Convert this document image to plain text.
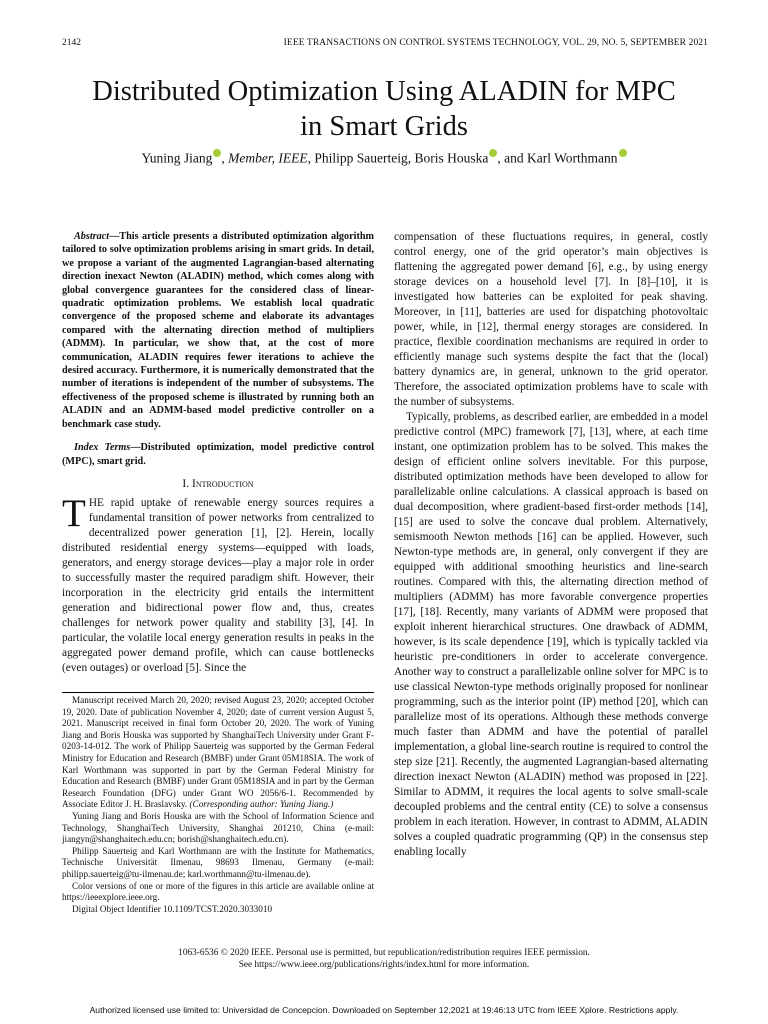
2142	IEEE TRANSACTIONS ON CONTROL SYSTEMS TECHNOLOGY, VOL. 29, NO. 5, SEPTEMBER 2021
Distributed Optimization Using ALADIN for MPC
in Smart Grids
Yuning Jiang , Member, IEEE, Philipp Sauerteig, Boris Houska , and Karl Worthmann

Abstract—This article presents a distributed optimization algorithm tailored to solve optimization problems arising in smart grids. In detail, we propose a variant of the augmented Lagrangian-based alternating direction inexact Newton (ALADIN) method, which comes along with global convergence guarantees for the considered class of linear-quadratic optimization problems. We establish local quadratic convergence of the proposed scheme and elaborate its advantages compared with the alternating direction method of multipliers (ADMM). In particular, we show that, at the cost of more communication, ALADIN requires fewer iterations to achieve the desired accuracy. Furthermore, it is numerically demonstrated that the number of iterations is independent of the number of subsystems. The effectiveness of the proposed scheme is illustrated by running both an ALADIN and an ADMM-based model predictive controller on a benchmark case study.

Index Terms—Distributed optimization, model predictive control (MPC), smart grid.

I. Introduction

THE rapid uptake of renewable energy sources requires a fundamental transition of power networks from centralized to decentralized power generation [1], [2]. Herein, locally distributed residential energy systems—equipped with loads, generators, and energy storage devices—play a major role in order to successfully master the required paradigm shift. However, their incorporation in the electricity grid entails the intermittent generation and bidirectional power flow and, thus, creates challenges for network power quality and stability [3], [4]. In particular, the volatile local energy generation results in peaks in the aggregated power demand profile, which can cause bottlenecks (even outages) or overload [5]. Since the

Manuscript received March 20, 2020; revised August 23, 2020; accepted October 19, 2020. Date of publication November 4, 2020; date of current version August 5, 2021. Manuscript received in final form October 20, 2020. The work of Yuning Jiang and Boris Houska was supported by ShanghaiTech University under Grant F-0203-14-012. The work of Philipp Sauerteig was supported by the German Federal Ministry for Education and Research (BMBF) under Grant 05M18SIA. The work of Karl Worthmann was supported in part by the German Federal Ministry for Education and Research (BMBF) under Grant 05M18SIA and in part by the German Research Foundation (DFG) under Grant WO 2056/6-1. Recommended by Associate Editor J. H. Braslavsky. (Corresponding author: Yuning Jiang.)

Yuning Jiang and Boris Houska are with the School of Information Science and Technology, ShanghaiTech University, Shanghai 201210, China (e-mail: jiangyn@shanghaitech.edu.cn; borish@shanghaitech.edu.cn).

Philipp Sauerteig and Karl Worthmann are with the Institute for Mathematics, Technische Universität Ilmenau, 98693 Ilmenau, Germany (e-mail: philipp.sauerteig@tu-ilmenau.de; karl.worthmann@tu-ilmenau.de).

Color versions of one or more of the figures in this article are available online at https://ieeexplore.ieee.org.

Digital Object Identifier 10.1109/TCST.2020.3033010

compensation of these fluctuations requires, in general, costly control energy, one of the grid operator’s main objectives is flattening the aggregated power demand [6], e.g., by using energy storage devices on a household level [7]. In [8]–[10], it is investigated how batteries can be exploited for peak shaving. Moreover, in [11], batteries are used for dispatching photovoltaic power, while, in [12], thermal energy storages are considered. In practice, flexible coordination mechanisms are required in order to efficiently manage such systems despite the fact that the (local) battery dynamics are, in general, unknown to the grid operator. Therefore, the associated optimization problems have to scale with the number of subsystems.

Typically, problems, as described earlier, are embedded in a model predictive control (MPC) framework [7], [13], where, at each time instant, one optimization problem has to be solved. This makes the design of efficient online solvers inevitable. For this purpose, distributed optimization methods have been developed to allow for parallelizable online calculations. A classical approach is based on dual decomposition, where gradient-based first-order methods [14], [15] are used to solve the concave dual problem. Alternatively, semismooth Newton methods [16] can be applied. However, such Newton-type methods are, in general, only convergent if they are equipped with additional smoothing heuristics and line-search routines. Compared with this, the alternating direction method of multipliers (ADMM) has more favorable convergence properties [17], [18]. Recently, many variants of ADMM were proposed that exploit inherent hierarchical structures. One drawback of ADMM, however, is its scale dependence [19], which is typically tackled via heuristic pre-conditioners in order to accelerate convergence. Another way to construct a parallelizable online solver for MPC is to use classical Newton-type methods originally proposed for nonlinear programming, such as the interior point (IP) method [20], which can parallelize most of its operations. Although these methods converge much faster than ADMM and have the potential of parallel implementation, a global line-search routine is required to control the step size [21]. Recently, the augmented Lagrangian-based alternating direction inexact Newton (ALADIN) method was proposed in [22]. Similar to ADMM, it requires the local agents to solve small-scale decoupled problems and the central entity (CE) to solve a consensus problem in each iteration. However, in contrast to ADMM, ALADIN solves a coupled quadratic programming (QP) in the consensus step enabling locally

1063-6536 © 2020 IEEE. Personal use is permitted, but republication/redistribution requires IEEE permission.
See https://www.ieee.org/publications/rights/index.html for more information.
Authorized licensed use limited to: Universidad de Concepcion. Downloaded on September 12,2021 at 19:46:13 UTC from IEEE Xplore. Restrictions apply.
